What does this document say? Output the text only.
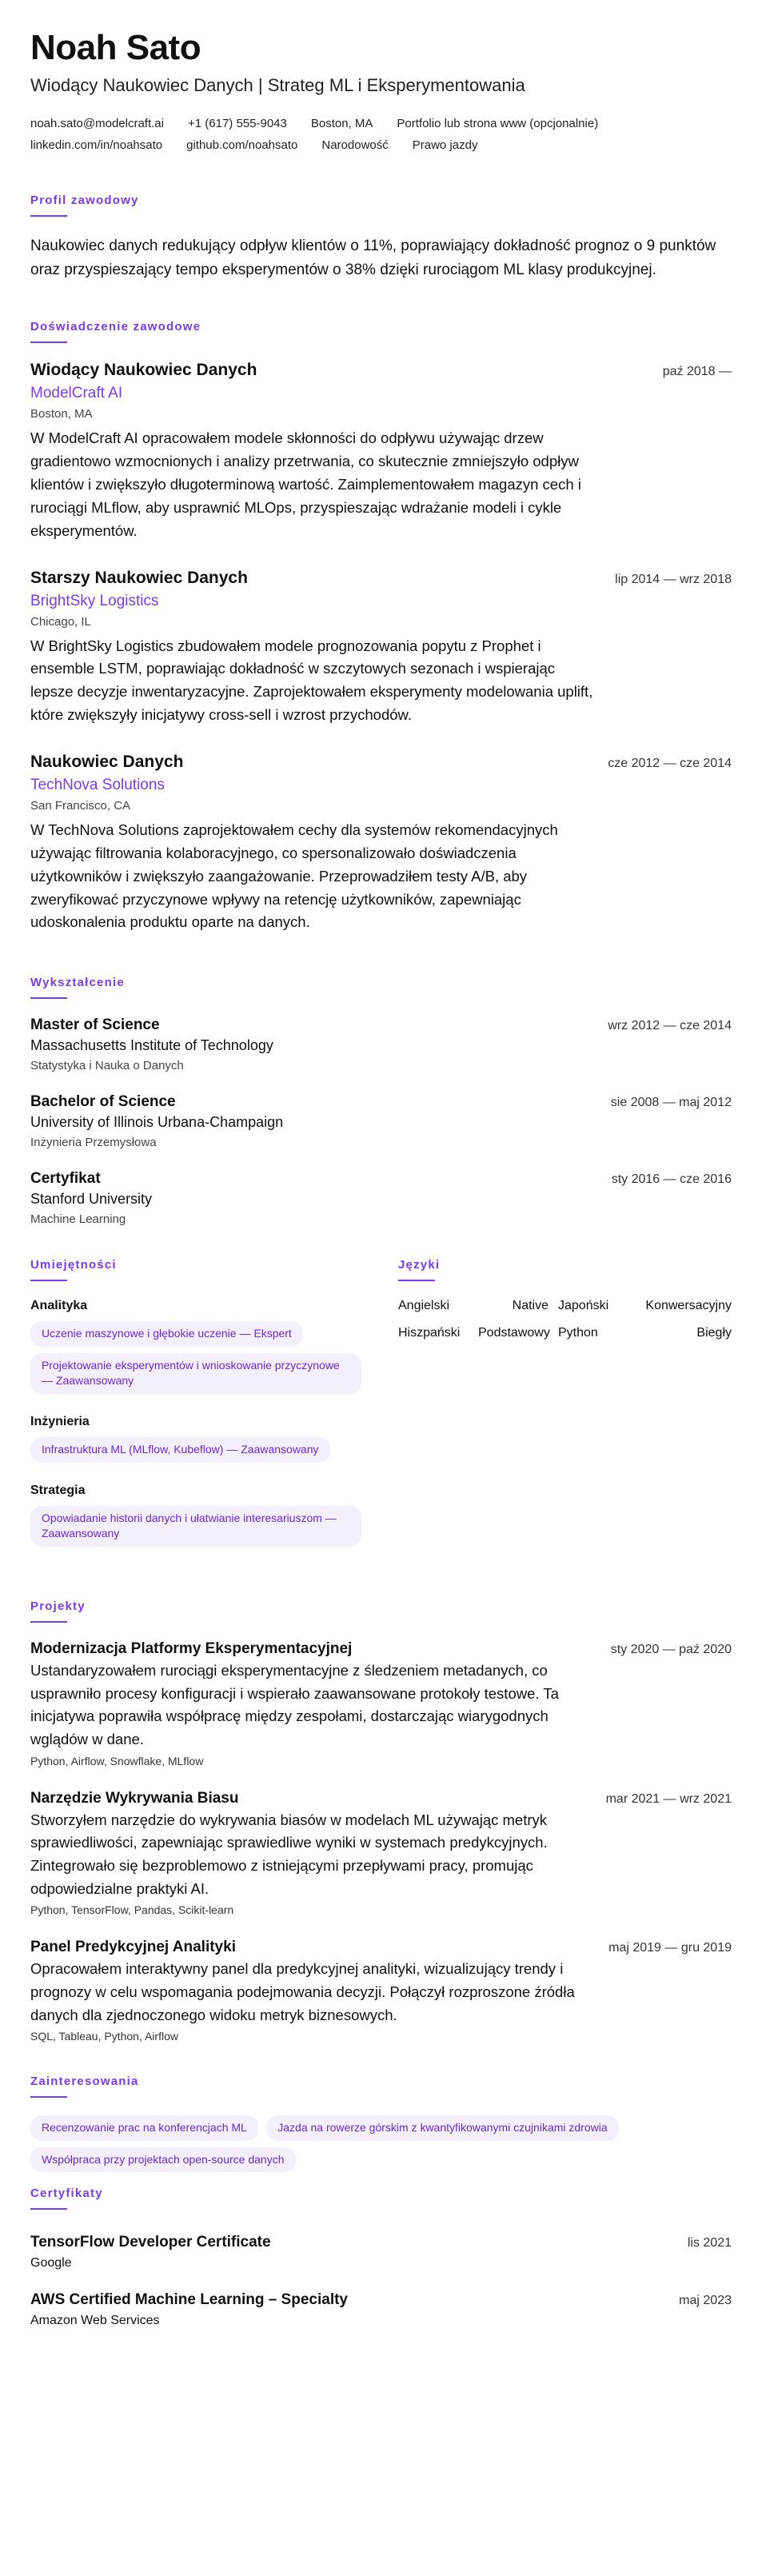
Noah Sato
Wiodący Naukowiec Danych | Strateg ML i Eksperymentowania
noah.sato@modelcraft.ai +1 (617) 555-9043 Boston, MA Portfolio lub strona www (opcjonalnie)
linkedin.com/in/noahsato github.com/noahsato Narodowość Prawo jazdy
Profil zawodowy

Naukowiec danych redukujący odpływ klientów o 11%, poprawiający dokładność prognoz o 9 punktów oraz przyspieszający tempo eksperymentów o 38% dzięki rurociągom ML klasy produkcyjnej.

Doświadczenie zawodowe
Wiodący Naukowiec Danych	paź 2018 —
ModelCraft AI
Boston, MA
W ModelCraft AI opracowałem modele skłonności do odpływu używając drzew gradientowo wzmocnionych i analizy przetrwania, co skutecznie zmniejszyło odpływ klientów i zwiększyło długoterminową wartość. Zaimplementowałem magazyn cech i rurociągi MLflow, aby usprawnić MLOps, przyspieszając wdrażanie modeli i cykle eksperymentów.
Starszy Naukowiec Danych	lip 2014 — wrz 2018
BrightSky Logistics
Chicago, IL
W BrightSky Logistics zbudowałem modele prognozowania popytu z Prophet i ensemble LSTM, poprawiając dokładność w szczytowych sezonach i wspierając lepsze decyzje inwentaryzacyjne. Zaprojektowałem eksperymenty modelowania uplift, które zwiększyły inicjatywy cross-sell i wzrost przychodów.
Naukowiec Danych	cze 2012 — cze 2014
TechNova Solutions
San Francisco, CA
W TechNova Solutions zaprojektowałem cechy dla systemów rekomendacyjnych używając filtrowania kolaboracyjnego, co spersonalizowało doświadczenia użytkowników i zwiększyło zaangażowanie. Przeprowadziłem testy A/B, aby zweryfikować przyczynowe wpływy na retencję użytkowników, zapewniając udoskonalenia produktu oparte na danych.
Wykształcenie
Master of Science	wrz 2012 — cze 2014
Massachusetts Institute of Technology
Statystyka i Nauka o Danych
Bachelor of Science	sie 2008 — maj 2012
University of Illinois Urbana-Champaign
Inżynieria Przemysłowa
Certyfikat	sty 2016 — cze 2016
Stanford University
Machine Learning
Umiejętności
Analityka
Uczenie maszynowe i głębokie uczenie — Ekspert Projektowanie eksperymentów i wnioskowanie przyczynowe — Zaawansowany
Inżynieria
Infrastruktura ML (MLflow, Kubeflow) — Zaawansowany
Strategia
Opowiadanie historii danych i ułatwianie interesariuszom — Zaawansowany
Języki
Angielski	Native Japoński	Konwersacyjny
Hiszpański	Podstawowy Python	Biegły
Projekty
Modernizacja Platformy Eksperymentacyjnej	sty 2020 — paź 2020
Ustandaryzowałem rurociągi eksperymentacyjne z śledzeniem metadanych, co usprawniło procesy konfiguracji i wspierało zaawansowane protokoły testowe. Ta inicjatywa poprawiła współpracę między zespołami, dostarczając wiarygodnych wglądów w dane.
Python, Airflow, Snowflake, MLflow
Narzędzie Wykrywania Biasu	mar 2021 — wrz 2021
Stworzyłem narzędzie do wykrywania biasów w modelach ML używając metryk sprawiedliwości, zapewniając sprawiedliwe wyniki w systemach predykcyjnych. Zintegrowało się bezproblemowo z istniejącymi przepływami pracy, promując odpowiedzialne praktyki AI.
Python, TensorFlow, Pandas, Scikit-learn
Panel Predykcyjnej Analityki	maj 2019 — gru 2019
Opracowałem interaktywny panel dla predykcyjnej analityki, wizualizujący trendy i prognozy w celu wspomagania podejmowania decyzji. Połączył rozproszone źródła danych dla zjednoczonego widoku metryk biznesowych.
SQL, Tableau, Python, Airflow
Zainteresowania
Recenzowanie prac na konferencjach ML	Jazda na rowerze górskim z kwantyfikowanymi czujnikami zdrowia Współpraca przy projektach open-source danych
Certyfikaty
TensorFlow Developer Certificate	lis 2021
Google
AWS Certified Machine Learning – Specialty	maj 2023
Amazon Web Services
